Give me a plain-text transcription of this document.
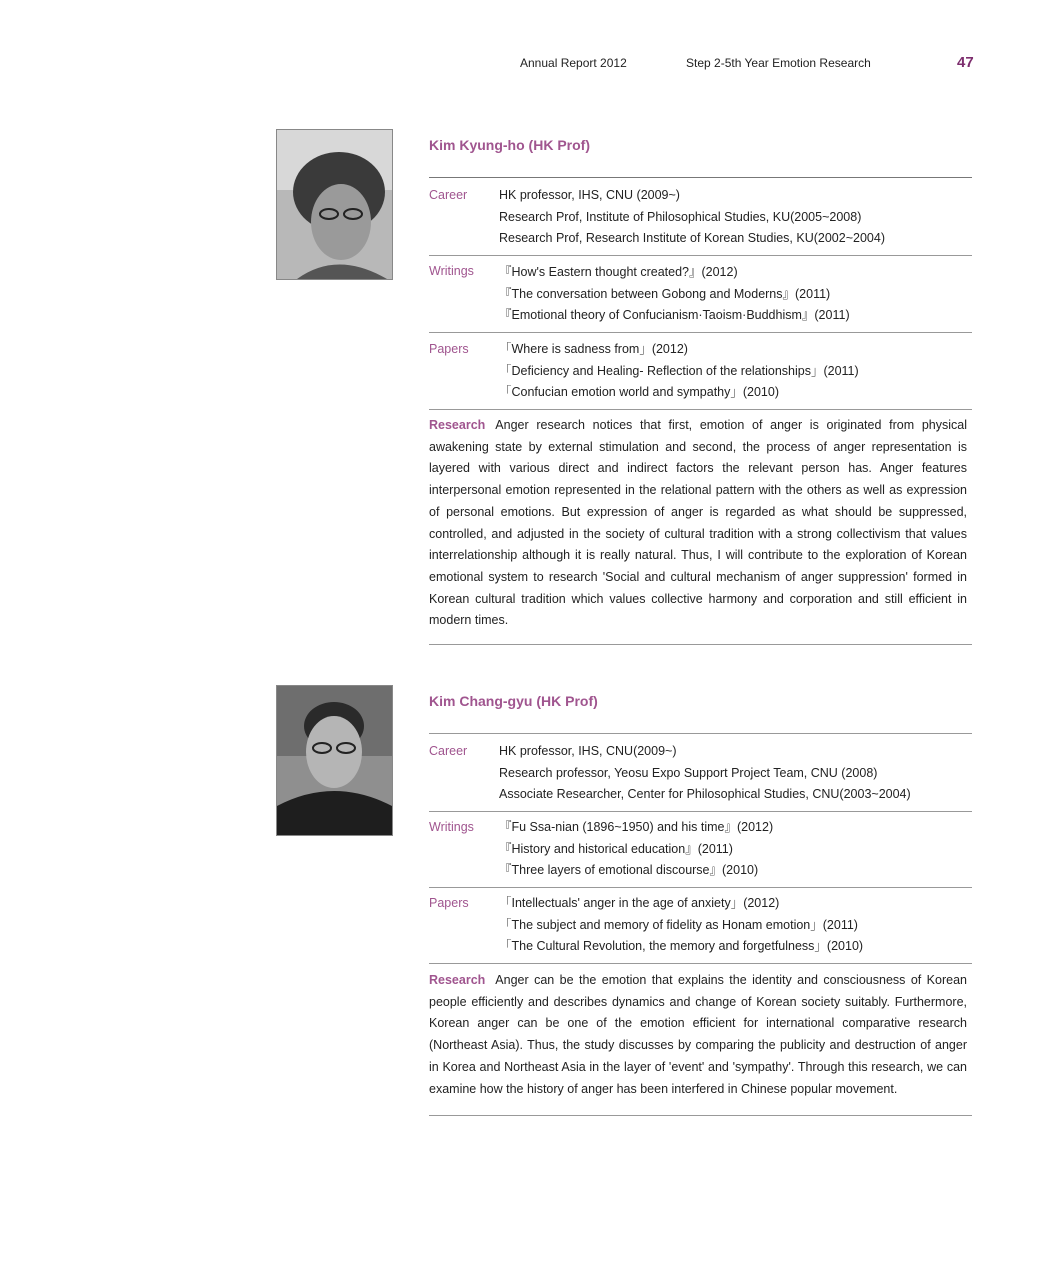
Annual Report 2012	Step 2-5th Year Emotion Research	47
Kim Kyung-ho (HK Prof)
Career	HK professor, IHS, CNU (2009~)
Research Prof, Institute of Philosophical Studies, KU(2005~2008)
Research Prof, Research Institute of Korean Studies, KU(2002~2004)
Writings 『How's Eastern thought created?』(2012)
『The conversation between Gobong and Moderns』(2011)
『Emotional theory of Confucianism·Taoism·Buddhism』(2011)
Papers 「Where is sadness from」(2012)
「Deficiency and Healing- Reflection of the relationships」(2011)
「Confucian emotion world and sympathy」(2010)
Research Anger research notices that first, emotion of anger is originated from physical awakening state by external stimulation and second, the process of anger representation is layered with various direct and indirect factors the relevant person has. Anger features interpersonal emotion represented in the relational pattern with the others as well as expression of personal emotions. But expression of anger is regarded as what should be suppressed, controlled, and adjusted in the society of cultural tradition with a strong collectivism that values interrelationship although it is really natural. Thus, I will contribute to the exploration of Korean emotional system to research 'Social and cultural mechanism of anger suppression' formed in Korean cultural tradition which values collective harmony and corporation and still efficient in modern times.
Kim Chang-gyu (HK Prof)
Career	HK professor, IHS, CNU(2009~)
Research professor, Yeosu Expo Support Project Team, CNU (2008)
Associate Researcher, Center for Philosophical Studies, CNU(2003~2004)
Writings 『Fu Ssa-nian (1896~1950) and his time』(2012)
『History and historical education』(2011)
『Three layers of emotional discourse』(2010)
Papers 「Intellectuals' anger in the age of anxiety」(2012)
「The subject and memory of fidelity as Honam emotion」(2011)
「The Cultural Revolution, the memory and forgetfulness」(2010)
Research Anger can be the emotion that explains the identity and consciousness of Korean people efficiently and describes dynamics and change of Korean society suitably. Furthermore, Korean anger can be one of the emotion efficient for international comparative research (Northeast Asia). Thus, the study discusses by comparing the publicity and destruction of anger in Korea and Northeast Asia in the layer of 'event' and 'sympathy'. Through this research, we can examine how the history of anger has been interfered in Chinese popular movement.
